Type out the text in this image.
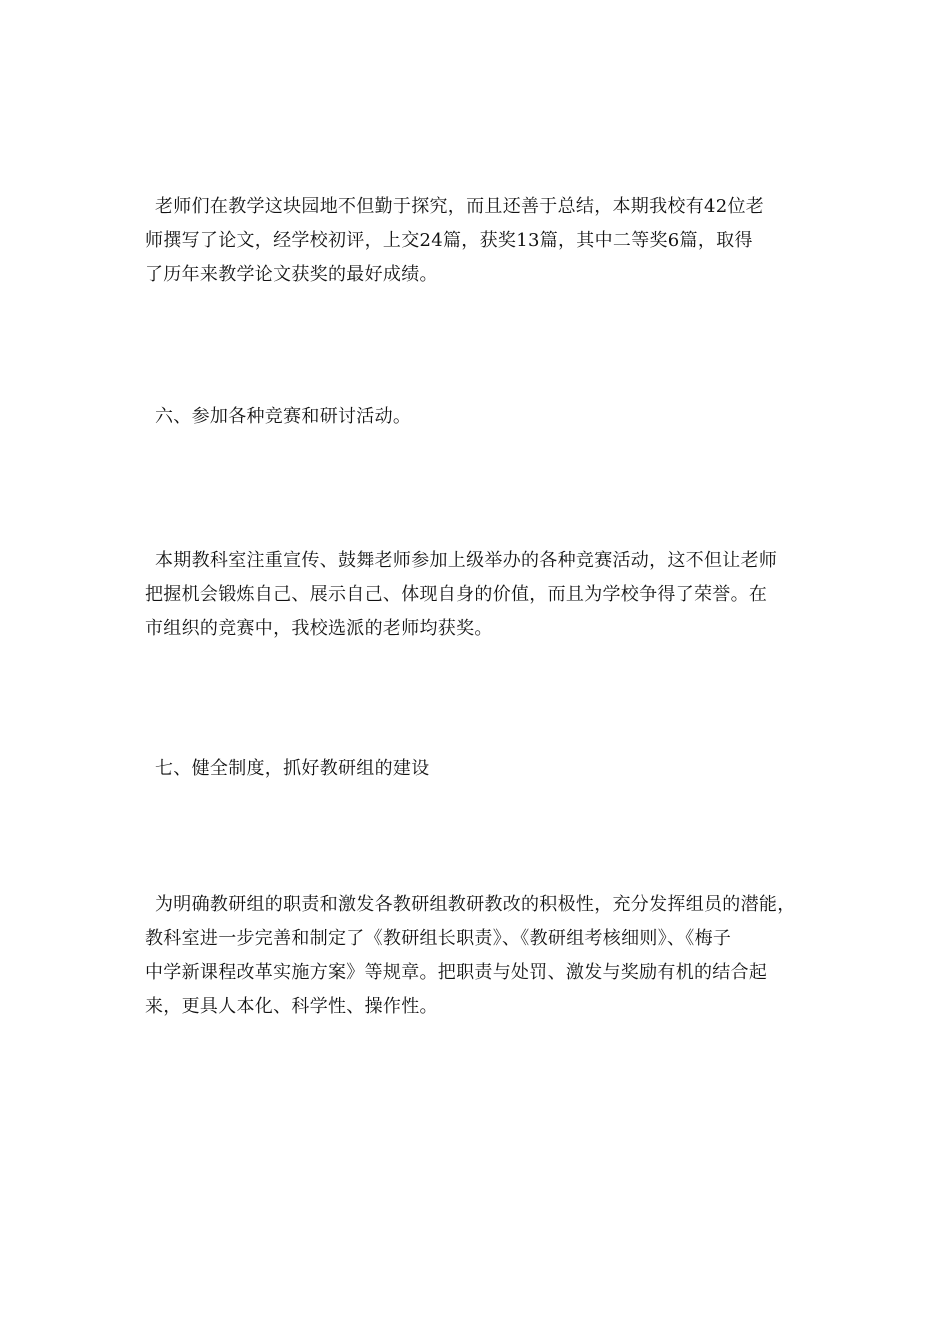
老师们在教学这块园地不但勤于探究，而且还善于总结，本期我校有42位老
师撰写了论文，经学校初评，上交24篇，获奖13篇，其中二等奖6篇，取得
了历年来教学论文获奖的最好成绩。
六、参加各种竞赛和研讨活动。
本期教科室注重宣传、鼓舞老师参加上级举办的各种竞赛活动，这不但让老师
把握机会锻炼自己、展示自己、体现自身的价值，而且为学校争得了荣誉。在
市组织的竞赛中，我校选派的老师均获奖。
七、健全制度，抓好教研组的建设
为明确教研组的职责和激发各教研组教研教改的积极性，充分发挥组员的潜能，
教科室进一步完善和制定了《教研组长职责》、《教研组考核细则》、《梅子
中学新课程改革实施方案》等规章。把职责与处罚、激发与奖励有机的结合起
来，更具人本化、科学性、操作性。
